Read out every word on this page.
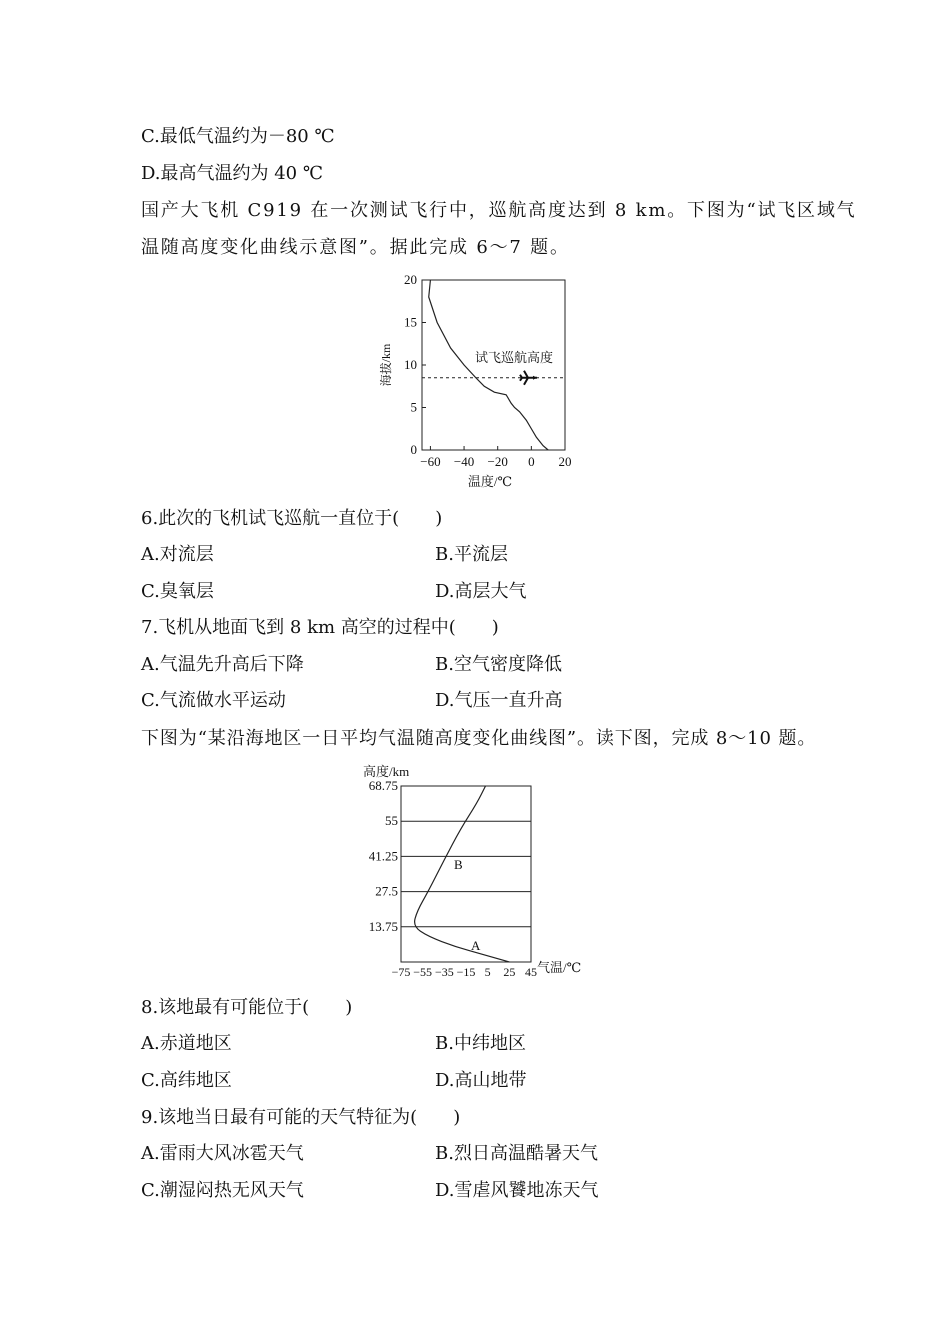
C.最低气温约为－80 ℃
D.最高气温约为 40 ℃
国产大飞机 C919 在一次测试飞行中，巡航高度达到 8 km。下图为“试飞区域气
温随高度变化曲线示意图”。据此完成 6～7 题。
0
5
10
15
20
−60 −40 −20 0 20
海拔/km
温度/℃
试飞巡航高度
6.此次的飞机试飞巡航一直位于(　　)
A.对流层	B.平流层
C.臭氧层	D.高层大气
7.飞机从地面飞到 8 km 高空的过程中(　　)
A.气温先升高后下降	B.空气密度降低
C.气流做水平运动	D.气压一直升高
下图为“某沿海地区一日平均气温随高度变化曲线图”。读下图，完成 8～10 题。
高度/km
13.75
27.5
41.25
55
68.75
−75 −55 −35 −15 5 25 45 气温/℃
B
A
8.该地最有可能位于(　　)
A.赤道地区	B.中纬地区
C.高纬地区	D.高山地带
9.该地当日最有可能的天气特征为(　　)
A.雷雨大风冰雹天气	B.烈日高温酷暑天气
C.潮湿闷热无风天气	D.雪虐风饕地冻天气
